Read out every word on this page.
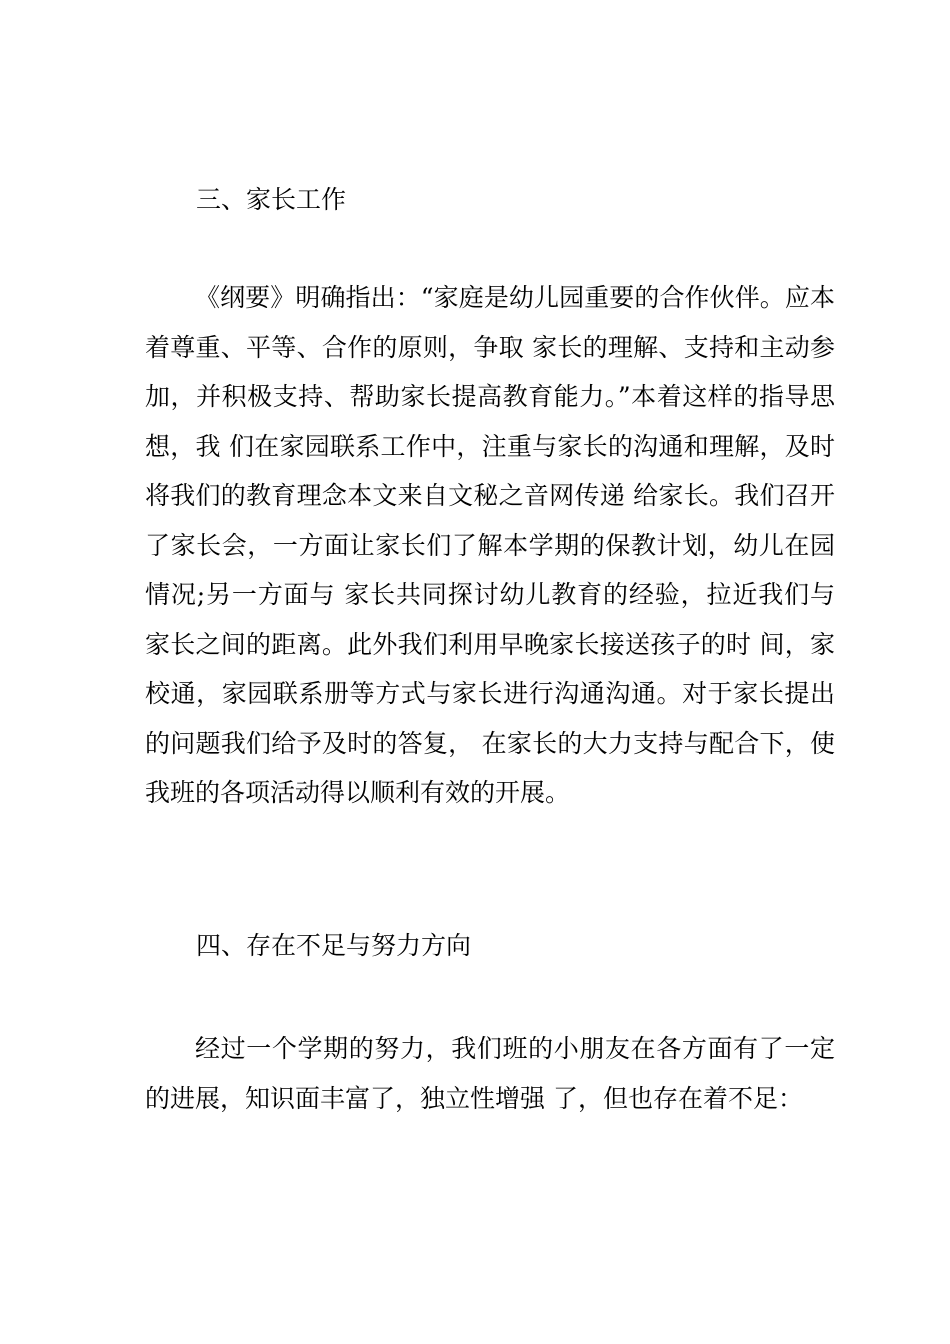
三、家长工作

《纲要》明确指出：“家庭是幼儿园重要的合作伙伴。应本着尊重、平等、合作的原则，争取 家长的理解、支持和主动参加，并积极支持、帮助家长提高教育能力。”本着这样的指导思想，我 们在家园联系工作中，注重与家长的沟通和理解，及时将我们的教育理念本文来自文秘之音网传递 给家长。我们召开了家长会，一方面让家长们了解本学期的保教计划，幼儿在园情况;另一方面与 家长共同探讨幼儿教育的经验，拉近我们与家长之间的距离。此外我们利用早晚家长接送孩子的时 间，家校通，家园联系册等方式与家长进行沟通沟通。对于家长提出的问题我们给予及时的答复， 在家长的大力支持与配合下，使我班的各项活动得以顺利有效的开展。

四、存在不足与努力方向

经过一个学期的努力，我们班的小朋友在各方面有了一定的进展，知识面丰富了，独立性增强 了，但也存在着不足：
